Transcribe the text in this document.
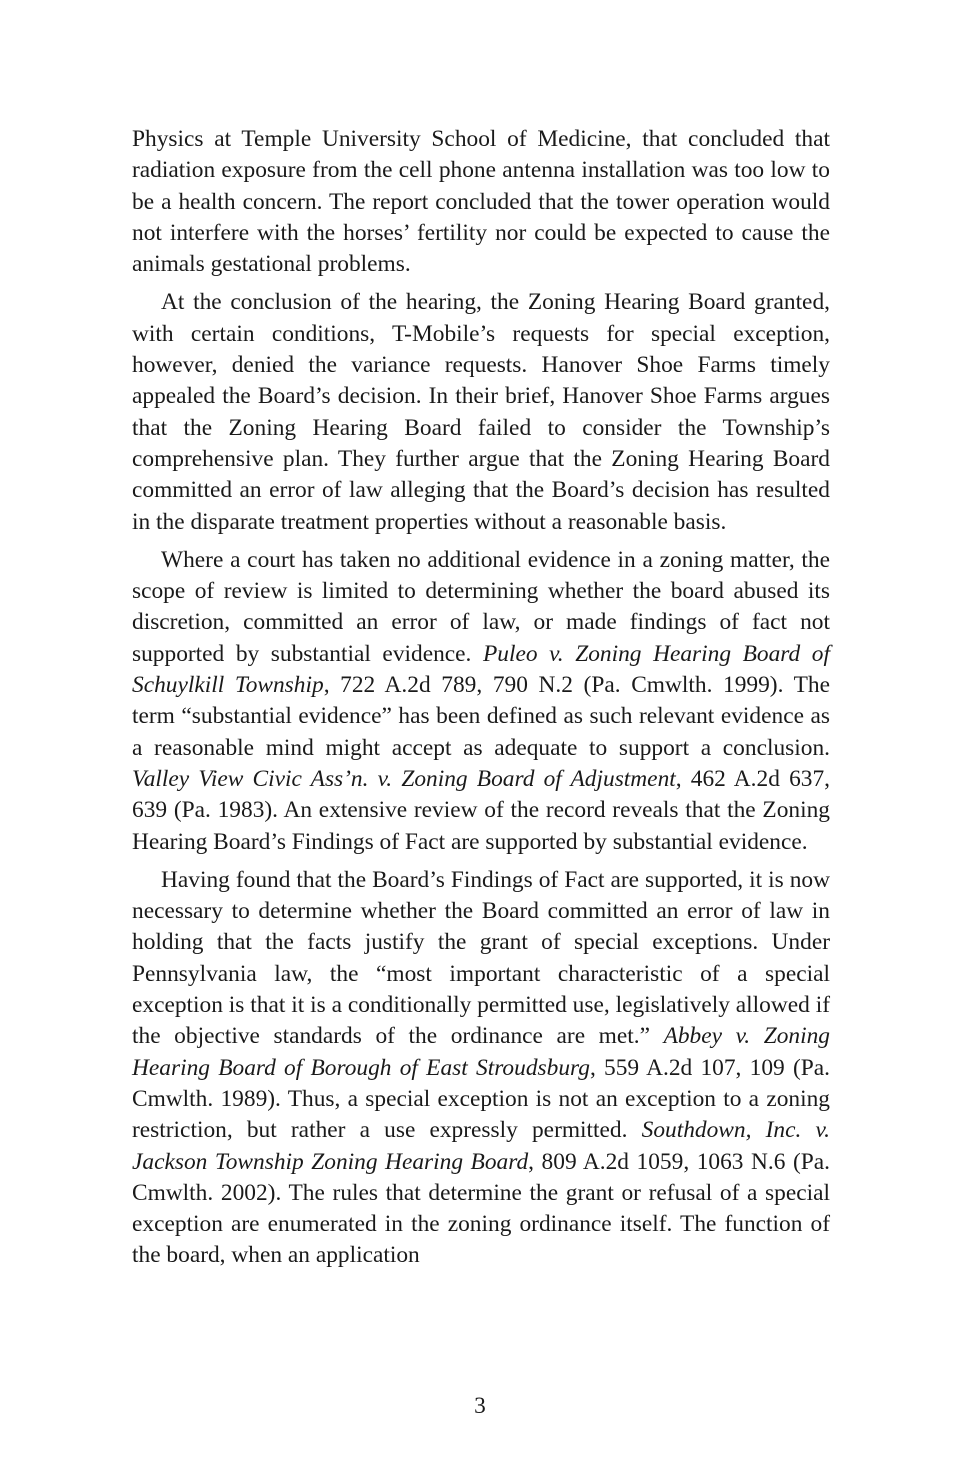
Physics at Temple University School of Medicine, that concluded that radiation exposure from the cell phone antenna installation was too low to be a health concern. The report concluded that the tower operation would not interfere with the horses’ fertility nor could be expected to cause the animals gestational problems.

At the conclusion of the hearing, the Zoning Hearing Board granted, with certain conditions, T-Mobile’s requests for special exception, however, denied the variance requests. Hanover Shoe Farms timely appealed the Board’s decision. In their brief, Hanover Shoe Farms argues that the Zoning Hearing Board failed to consider the Township’s comprehensive plan. They further argue that the Zoning Hearing Board committed an error of law alleging that the Board’s decision has resulted in the disparate treatment properties without a reasonable basis.

Where a court has taken no additional evidence in a zoning matter, the scope of review is limited to determining whether the board abused its discretion, committed an error of law, or made findings of fact not supported by substantial evidence. Puleo v. Zoning Hearing Board of Schuylkill Township, 722 A.2d 789, 790 N.2 (Pa. Cmwlth. 1999). The term “substantial evidence” has been defined as such relevant evidence as a reasonable mind might accept as adequate to support a conclusion. Valley View Civic Ass’n. v. Zoning Board of Adjustment, 462 A.2d 637, 639 (Pa. 1983). An extensive review of the record reveals that the Zoning Hearing Board’s Findings of Fact are supported by substantial evidence.

Having found that the Board’s Findings of Fact are supported, it is now necessary to determine whether the Board committed an error of law in holding that the facts justify the grant of special exceptions. Under Pennsylvania law, the “most important characteristic of a special exception is that it is a conditionally permitted use, legislatively allowed if the objective standards of the ordinance are met.” Abbey v. Zoning Hearing Board of Borough of East Stroudsburg, 559 A.2d 107, 109 (Pa. Cmwlth. 1989). Thus, a special exception is not an exception to a zoning restriction, but rather a use expressly permitted. Southdown, Inc. v. Jackson Township Zoning Hearing Board, 809 A.2d 1059, 1063 N.6 (Pa. Cmwlth. 2002). The rules that determine the grant or refusal of a special exception are enumerated in the zoning ordinance itself. The function of the board, when an application

3
